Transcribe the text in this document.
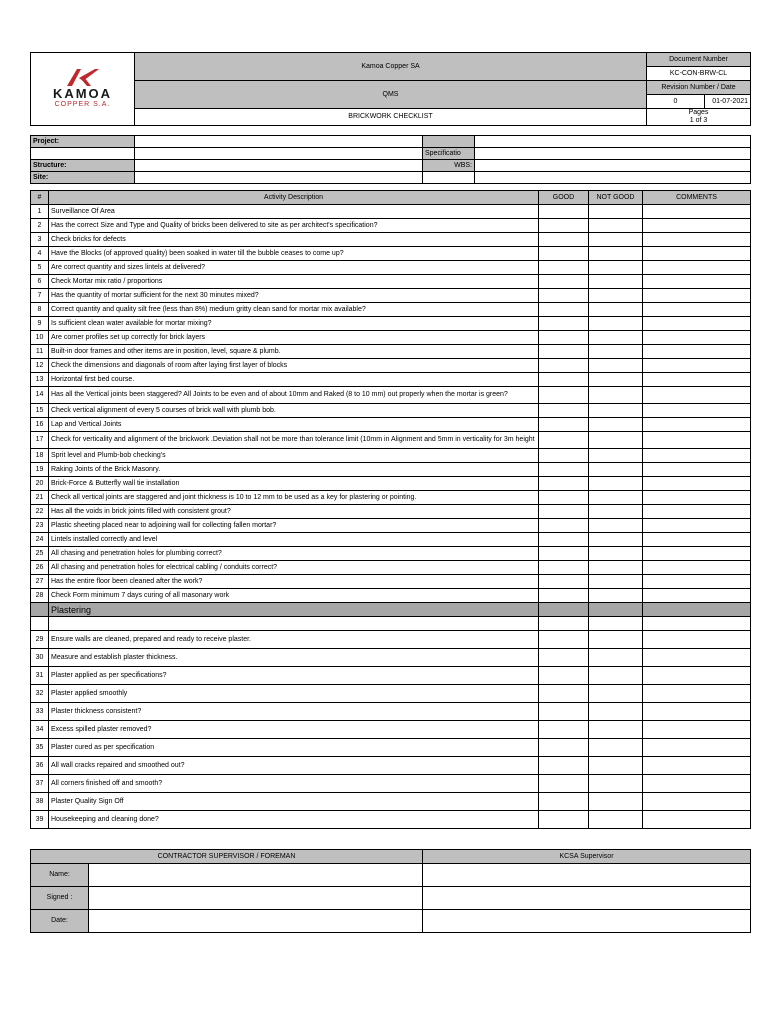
KAMOA
COPPER S.A.	Kamoa Copper SA	Document Number	
		KC-CON-BRW-CL	
	QMS	Revision Number / Date	
		0	01-07-2021
	BRICKWORK CHECKLIST	Pages
1 of 3	
Project:			
		Specificatio	
Structure:		WBS:	
Site:			
#	Activity Description	GOOD	NOT GOOD	COMMENTS
1	Surveillance Of Area			
2	Has the correct Size and Type and Quality of bricks been delivered to site as per architect's specification?			
3	Check bricks for defects			
4	Have the Blocks (of approved quality) been soaked in water till the bubble ceases to come up?			
5	Are correct quantity and sizes lintels at delivered?			
6	Check Mortar mix ratio / proportions			
7	Has the quantity of mortar sufficient for the next 30 minutes mixed?			
8	Correct quantity and quality silt free (less than 8%) medium gritty clean sand for mortar mix available?			
9	Is sufficient clean water available for mortar mixing?			
10	Are corner profiles set up correctly for brick layers			
11	Built-in door frames and other items are in position, level, square & plumb.			
12	Check the dimensions and diagonals of room after laying first layer of blocks			
13	Horizontal first bed course.			
14	Has all the Vertical joints been staggered? All Joints to be even and of about 10mm and Raked (8 to 10 mm) out properly when the mortar is green?			
15	Check vertical alignment of every 5 courses of brick wall with plumb bob.			
16	Lap and Vertical Joints			
17	Check for verticality and alignment of the brickwork .Deviation shall not be more than tolerance limit (10mm in Alignment and 5mm in verticality for 3m height			
18	Sprit level and Plumb-bob checking's			
19	Raking Joints of the Brick Masonry.			
20	Brick-Force & Butterfly wall tie installation			
21	Check all vertical joints are staggered and joint thickness is 10 to 12 mm to be used as a key for plastering or pointing.			
22	Has all the voids in brick joints filled with consistent grout?			
23	Plastic sheeting placed near to adjoining wall for collecting fallen mortar?			
24	Lintels installed correctly and level			
25	All chasing and penetration holes for plumbing correct?			
26	All chasing and penetration holes for electrical cabling / conduits correct?			
27	Has the entire floor been cleaned after the work?			
28	Check Form minimum 7 days curing of all masonary work			
	Plastering			

29	Ensure walls are cleaned, prepared and ready to receive plaster.			
30	Measure and establish plaster thickness.			
31	Plaster applied as per specifications?			
32	Plaster applied smoothly			
33	Plaster thickness consistent?			
34	Excess spilled plaster removed?			
35	Plaster cured as per specification			
36	All wall cracks repaired and smoothed out?			
37	All corners finished off and smooth?			
38	Plaster Quality Sign Off			
39	Housekeeping and cleaning done?			
CONTRACTOR SUPERVISOR / FOREMAN		KCSA Supervisor
Name:		
Signed :		
Date:		
